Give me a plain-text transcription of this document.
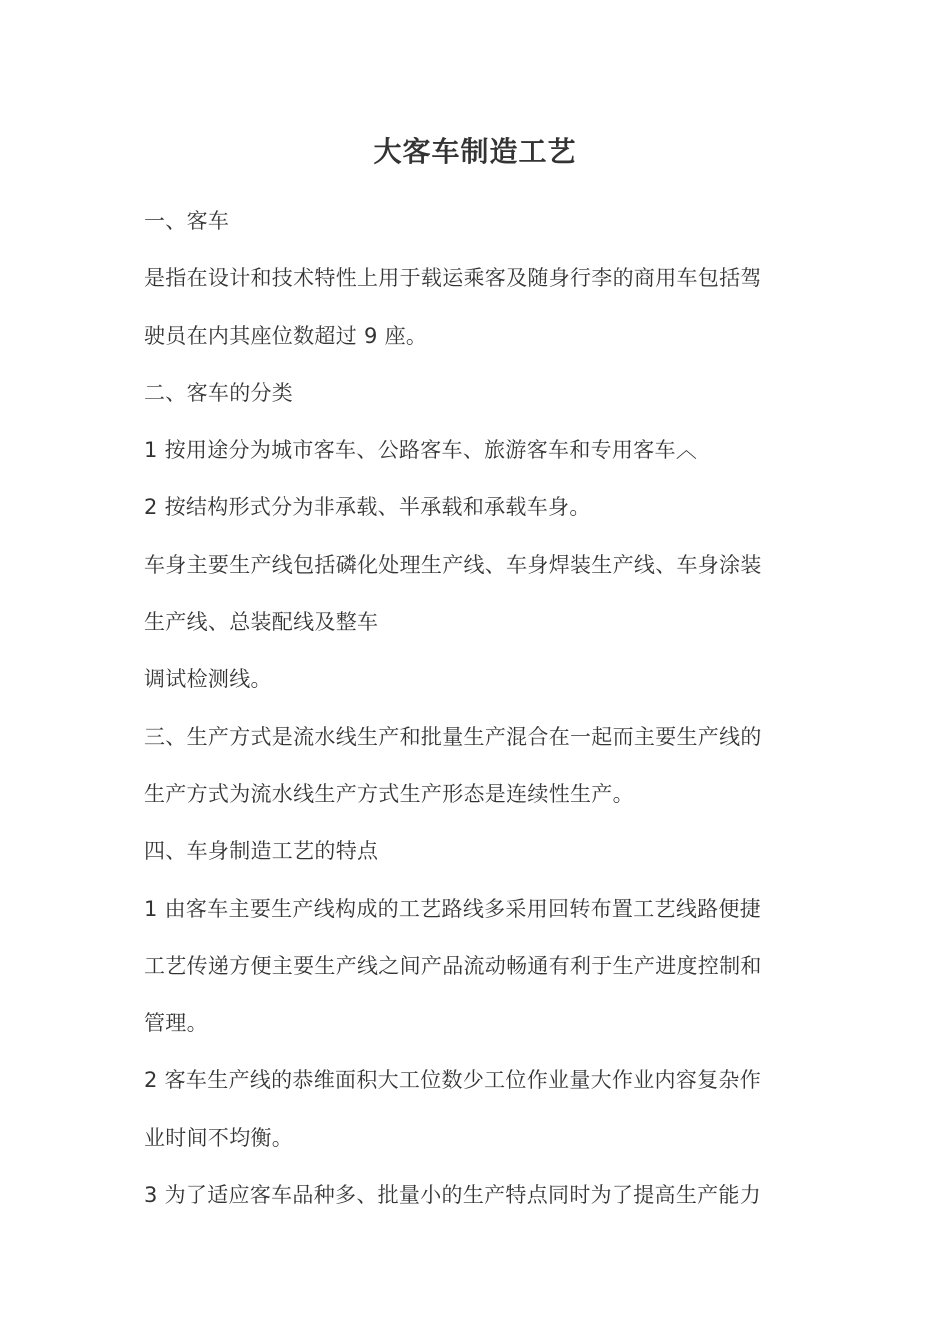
大客车制造工艺
一、客车
是指在设计和技术特性上用于载运乘客及随身行李的商用车包括驾
驶员在内其座位数超过 9 座。
二、客车的分类
1 按用途分为城市客车、公路客车、旅游客车和专用客车︿
2 按结构形式分为非承载、半承载和承载车身。
车身主要生产线包括磷化处理生产线、车身焊装生产线、车身涂装
生产线、总装配线及整车
调试检测线。
三、生产方式是流水线生产和批量生产混合在一起而主要生产线的
生产方式为流水线生产方式生产形态是连续性生产。
四、车身制造工艺的特点
1 由客车主要生产线构成的工艺路线多采用回转布置工艺线路便捷
工艺传递方便主要生产线之间产品流动畅通有利于生产进度控制和
管理。
2 客车生产线的恭维面积大工位数少工位作业量大作业内容复杂作
业时间不均衡。
3 为了适应客车品种多、批量小的生产特点同时为了提高生产能力
